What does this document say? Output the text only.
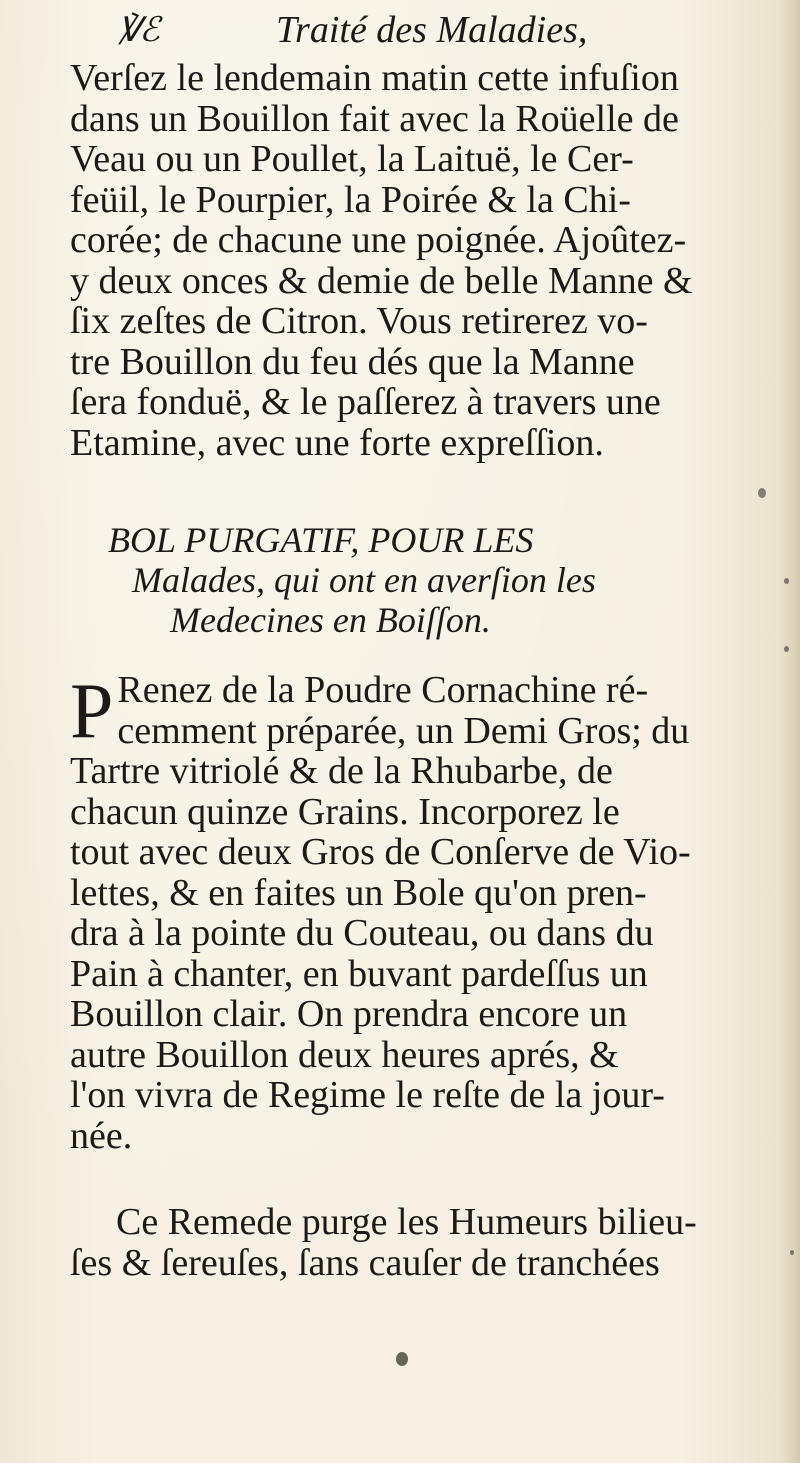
℣ℰ	Traité des Maladies,
Verſez le lendemain matin cette infuſion
dans un Bouillon fait avec la Roüelle de
Veau ou un Poullet, la Laituë, le Cer-
feüil, le Pourpier, la Poirée & la Chi-
corée; de chacune une poignée. Ajoûtez-
y deux onces & demie de belle Manne &
ſix zeſtes de Citron. Vous retirerez vo-
tre Bouillon du feu dés que la Manne
ſera fonduë, & le paſſerez à travers une
Etamine, avec une forte expreſſion.
BOL PURGATIF, POUR LES
Malades, qui ont en averſion les
Medecines en Boiſſon.
P Renez de la Poudre Cornachine ré-
cemment préparée, un Demi Gros; du
Tartre vitriolé & de la Rhubarbe, de
chacun quinze Grains. Incorporez le
tout avec deux Gros de Conſerve de Vio-
lettes, & en faites un Bole qu'on pren-
dra à la pointe du Couteau, ou dans du
Pain à chanter, en buvant pardeſſus un
Bouillon clair. On prendra encore un
autre Bouillon deux heures aprés, &
l'on vivra de Regime le reſte de la jour-
née.
Ce Remede purge les Humeurs bilieu-
ſes & ſereuſes, ſans cauſer de tranchées
